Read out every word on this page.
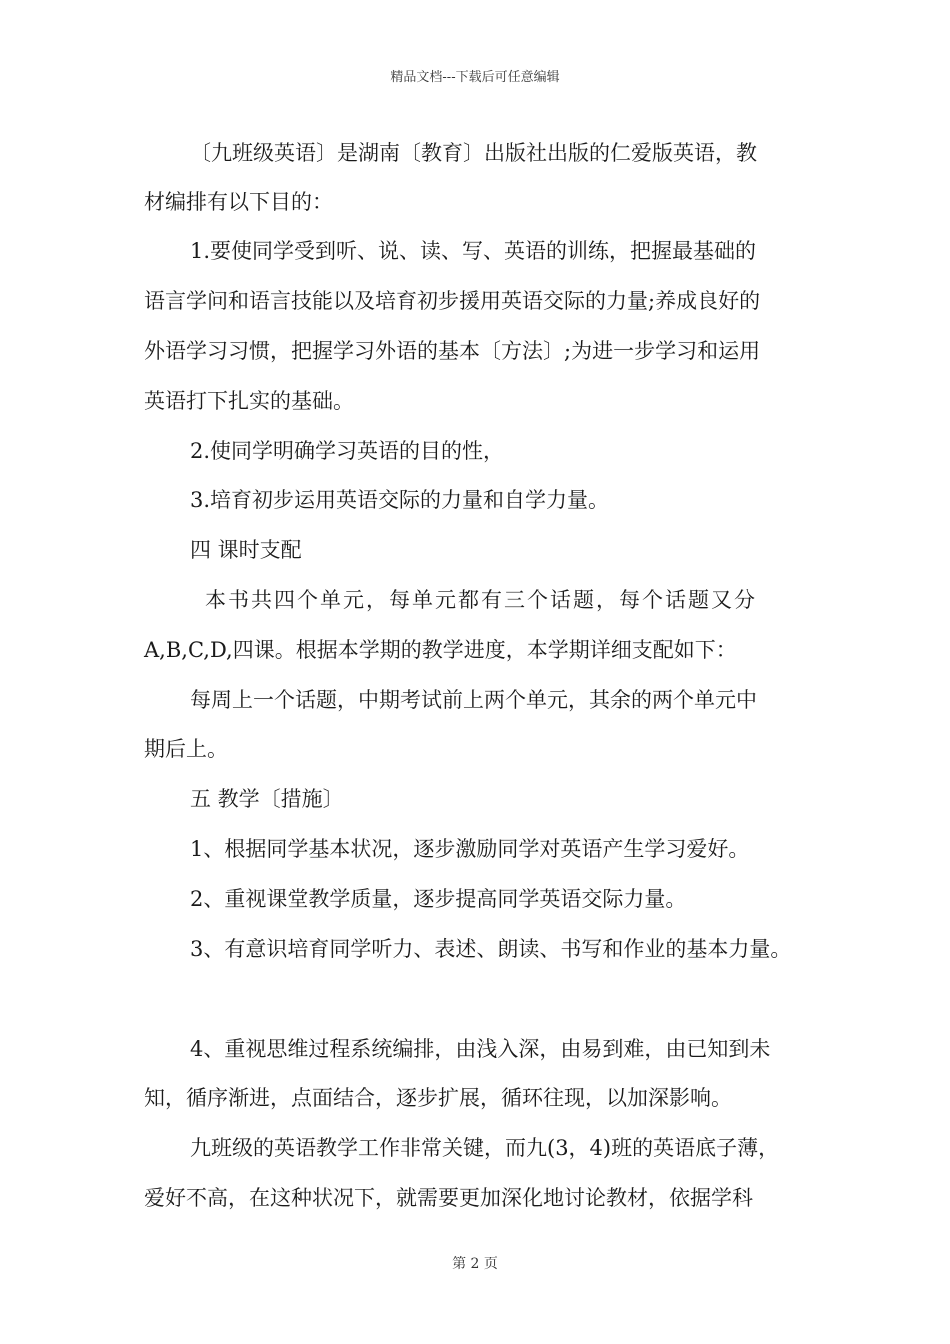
精品文档---下载后可任意编辑
〔九班级英语〕是湖南〔教育〕出版社出版的仁爱版英语，教
材编排有以下目的：
1.要使同学受到听、说、读、写、英语的训练，把握最基础的
语言学问和语言技能以及培育初步援用英语交际的力量;养成良好的
外语学习习惯，把握学习外语的基本〔方法〕;为进一步学习和运用
英语打下扎实的基础。
2.使同学明确学习英语的目的性，
3.培育初步运用英语交际的力量和自学力量。
四 课时支配
本书共四个单元，每单元都有三个话题，每个话题又分
A,B,C,D,四课。根据本学期的教学进度，本学期详细支配如下：
每周上一个话题，中期考试前上两个单元，其余的两个单元中
期后上。
五 教学〔措施〕
1、根据同学基本状况，逐步激励同学对英语产生学习爱好。
2、重视课堂教学质量，逐步提高同学英语交际力量。
3、有意识培育同学听力、表述、朗读、书写和作业的基本力量。
4、重视思维过程系统编排，由浅入深，由易到难，由已知到未
知，循序渐进，点面结合，逐步扩展，循环往现，以加深影响。
九班级的英语教学工作非常关键，而九(3，4)班的英语底子薄，
爱好不高，在这种状况下，就需要更加深化地讨论教材，依据学科
第 2 页
